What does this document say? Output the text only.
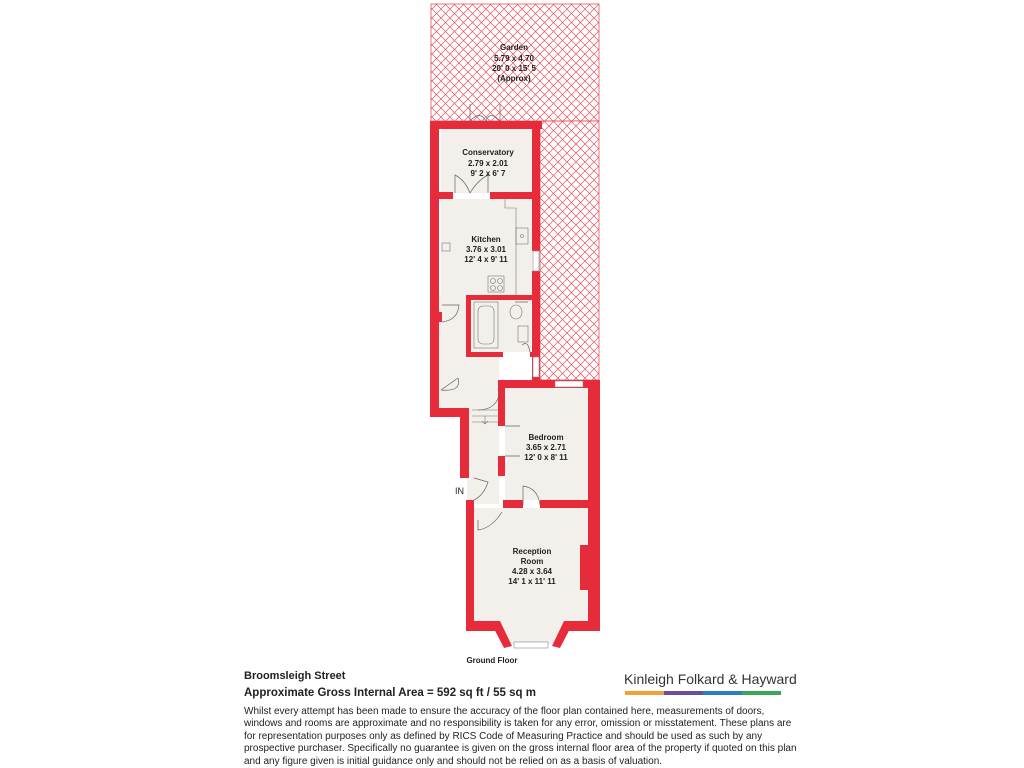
Garden
5.79 x 4.70
20' 0 x 15' 5
(Approx)
Conservatory
2.79 x 2.01
9' 2 x 6' 7
Kitchen
3.76 x 3.01
12' 4 x 9' 11
Bedroom
3.65 x 2.71
12' 0 x 8' 11
Reception
Room
4.28 x 3.64
14' 1 x 11' 11
IN
Ground Floor
Broomsleigh Street
Approximate Gross Internal Area = 592 sq ft / 55 sq m
Whilst every attempt has been made to ensure the accuracy of the floor plan contained here, measurements of doors, windows and rooms are approximate and no responsibility is taken for any error, omission or misstatement. These plans are for representation purposes only as defined by RICS Code of Measuring Practice and should be used as such by any prospective purchaser. Specifically no guarantee is given on the gross internal floor area of the property if quoted on this plan and any figure given is initial guidance only and should not be relied on as a basis of valuation.
Kinleigh Folkard & Hayward
